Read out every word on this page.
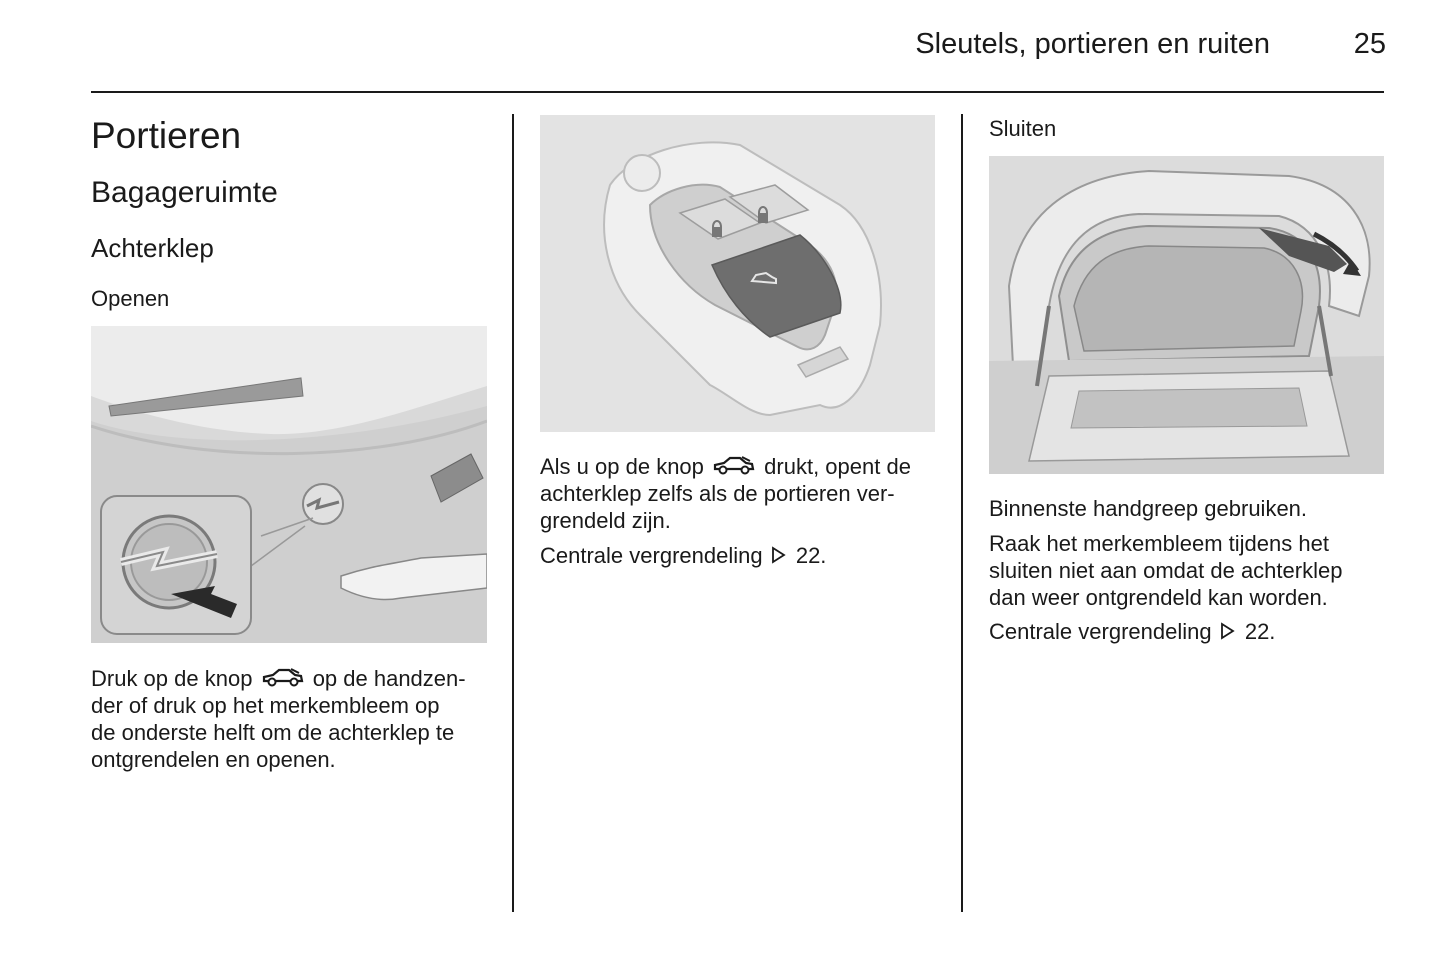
Sleutels, portieren en ruiten	25
Portieren
Bagageruimte
Achterklep
Openen
Druk op de knop	op de handzen-
der of druk op het merkembleem op
de onderste helft om de achterklep te
ontgrendelen en openen.
Als u op de knop	drukt, opent de
achterklep zelfs als de portieren ver-
grendeld zijn.
Centrale vergrendeling 22.
Sluiten
Binnenste handgreep gebruiken.
Raak het merkembleem tijdens het
sluiten niet aan omdat de achterklep
dan weer ontgrendeld kan worden.
Centrale vergrendeling 22.
